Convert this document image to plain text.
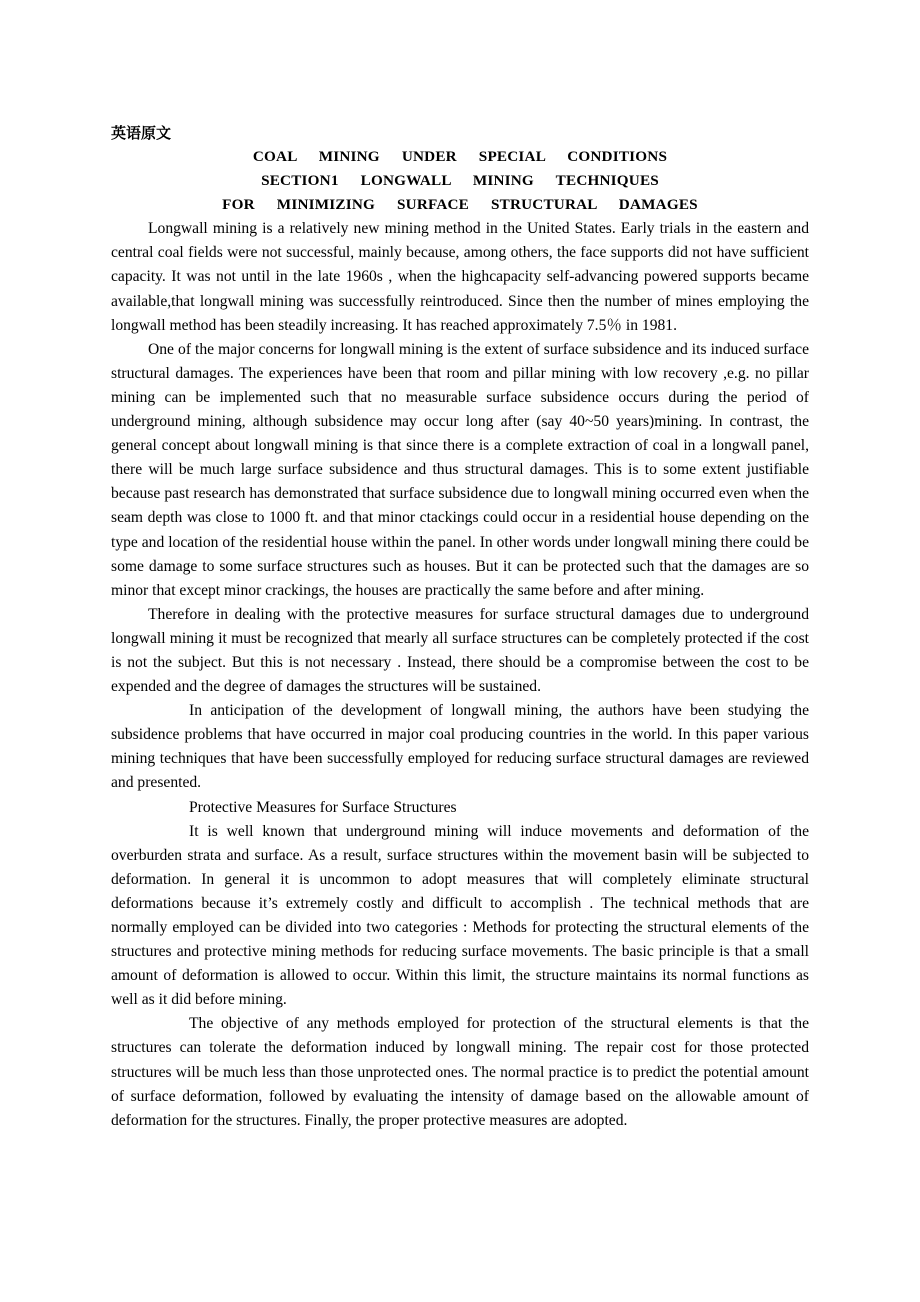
英语原文
COAL MINING UNDER SPECIAL CONDITIONS
SECTION1 LONGWALL MINING TECHNIQUES
FOR MINIMIZING SURFACE STRUCTURAL DAMAGES

Longwall mining is a relatively new mining method in the United States. Early trials in the eastern and central coal fields were not successful, mainly because, among others, the face supports did not have sufficient capacity. It was not until in the late 1960s , when the highcapacity self-advancing powered supports became available,that longwall mining was successfully reintroduced. Since then the number of mines employing the longwall method has been steadily increasing. It has reached approximately 7.5％ in 1981.

One of the major concerns for longwall mining is the extent of surface subsidence and its induced surface structural damages. The experiences have been that room and pillar mining with low recovery ,e.g. no pillar mining can be implemented such that no measurable surface subsidence occurs during the period of underground mining, although subsidence may occur long after (say 40~50 years)mining. In contrast, the general concept about longwall mining is that since there is a complete extraction of coal in a longwall panel, there will be much large surface subsidence and thus structural damages. This is to some extent justifiable because past research has demonstrated that surface subsidence due to longwall mining occurred even when the seam depth was close to 1000 ft. and that minor ctackings could occur in a residential house depending on the type and location of the residential house within the panel. In other words under longwall mining there could be some damage to some surface structures such as houses. But it can be protected such that the damages are so minor that except minor crackings, the houses are practically the same before and after mining.

Therefore in dealing with the protective measures for surface structural damages due to underground longwall mining it must be recognized that mearly all surface structures can be completely protected if the cost is not the subject. But this is not necessary . Instead, there should be a compromise between the cost to be expended and the degree of damages the structures will be sustained.

In anticipation of the development of longwall mining, the authors have been studying the subsidence problems that have occurred in major coal producing countries in the world. In this paper various mining techniques that have been successfully employed for reducing surface structural damages are reviewed and presented.

Protective Measures for Surface Structures

It is well known that underground mining will induce movements and deformation of the overburden strata and surface. As a result, surface structures within the movement basin will be subjected to deformation. In general it is uncommon to adopt measures that will completely eliminate structural deformations because it’s extremely costly and difficult to accomplish . The technical methods that are normally employed can be divided into two categories : Methods for protecting the structural elements of the structures and protective mining methods for reducing surface movements. The basic principle is that a small amount of deformation is allowed to occur. Within this limit, the structure maintains its normal functions as well as it did before mining.

The objective of any methods employed for protection of the structural elements is that the structures can tolerate the deformation induced by longwall mining. The repair cost for those protected structures will be much less than those unprotected ones. The normal practice is to predict the potential amount of surface deformation, followed by evaluating the intensity of damage based on the allowable amount of deformation for the structures. Finally, the proper protective measures are adopted.
